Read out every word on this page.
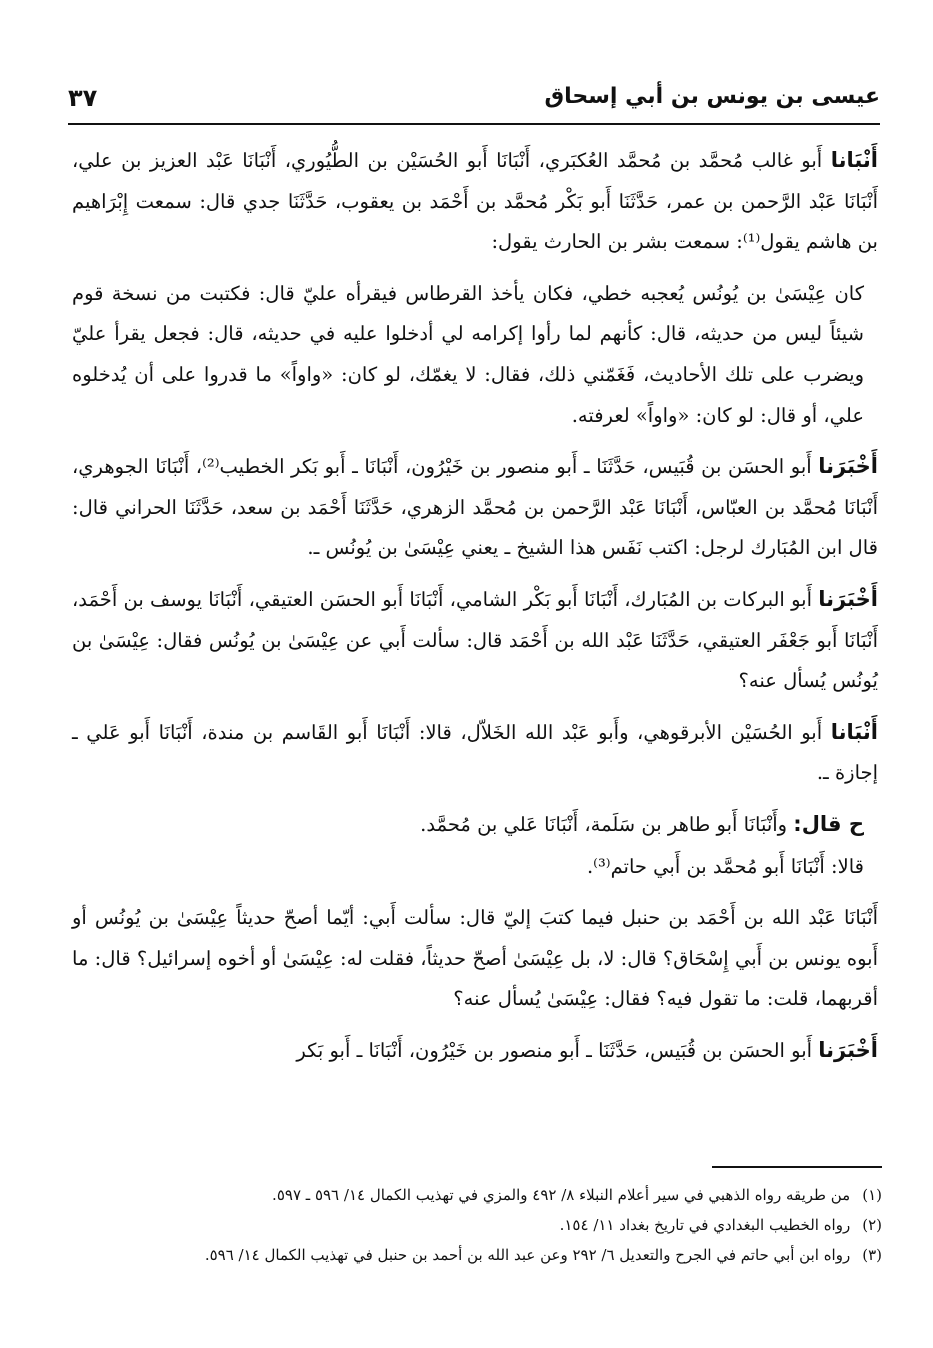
عيسى بن يونس بن أبي إسحاق
٣٧

أَنْبَانا أَبو غالب مُحمَّد بن مُحمَّد العُكبَري، أَنْبَانَا أَبو الحُسَيْن بن الطُّيُوري، أَنْبَانَا عَبْد العزيز بن علي، أَنْبَانَا عَبْد الرَّحمن بن عمر، حَدَّثَنَا أَبو بَكْر مُحمَّد بن أَحْمَد بن يعقوب، حَدَّثَنَا جدي قال: سمعت إِبْرَاهيم بن هاشم يقول⁽¹⁾: سمعت بشر بن الحارث يقول:

كان عِيْسَىٰ بن يُونُس يُعجبه خطي، فكان يأخذ القرطاس فيقرأه عليّ قال: فكتبت من نسخة قوم شيئاً ليس من حديثه، قال: كأنهم لما رأوا إكرامه لي أدخلوا عليه في حديثه، قال: فجعل يقرأ عليّ ويضرب على تلك الأحاديث، فَغَمّني ذلك، فقال: لا يغمّك، لو كان: «واواً» ما قدروا على أن يُدخلوه علي، أو قال: لو كان: «واواً» لعرفته.

أَخْبَرَنا أَبو الحسَن بن قُبَيس، حَدَّثَنَا ـ أَبو منصور بن خَيْرُون، أَنْبَانَا ـ أَبو بَكر الخطيب⁽²⁾، أَنْبَانَا الجوهري، أَنْبَانَا مُحمَّد بن العبّاس، أَنْبَانَا عَبْد الرَّحمن بن مُحمَّد الزهري، حَدَّثَنَا أَحْمَد بن سعد، حَدَّثَنَا الحراني قال: قال ابن المُبَارك لرجل: اكتب نَفَس هذا الشيخ ـ يعني عِيْسَىٰ بن يُونُس ـ.

أَخْبَرَنا أَبو البركات بن المُبَارك، أَنْبَانَا أَبو بَكْر الشامي، أَنْبَانَا أَبو الحسَن العتيقي، أَنْبَانَا يوسف بن أَحْمَد، أَنْبَانَا أَبو جَعْفَر العتيقي، حَدَّثَنَا عَبْد الله بن أَحْمَد قال: سألت أَبي عن عِيْسَىٰ بن يُونُس فقال: عِيْسَىٰ بن يُونُس يُسأل عنه؟

أَنْبَانا أَبو الحُسَيْن الأبرقوهي، وأَبو عَبْد الله الخَلاّل، قالا: أَنْبَانَا أَبو القَاسم بن مندة، أَنْبَانَا أَبو عَلي ـ إجازة ـ.

ح قال: وأَنْبَانَا أَبو طاهر بن سَلَمة، أَنْبَانَا عَلي بن مُحمَّد.

قالا: أَنْبَانَا أَبو مُحمَّد بن أَبي حاتم⁽³⁾.

أَنْبَانَا عَبْد الله بن أَحْمَد بن حنبل فيما كتبَ إليّ قال: سألت أَبي: أيّما أصحّ حديثاً عِيْسَىٰ بن يُونُس أو أَبوه يونس بن أَبي إِسْحَاق؟ قال: لا، بل عِيْسَىٰ أصحّ حديثاً، فقلت له: عِيْسَىٰ أو أخوه إسرائيل؟ قال: ما أقربهما، قلت: ما تقول فيه؟ فقال: عِيْسَىٰ يُسأل عنه؟

أَخْبَرَنا أَبو الحسَن بن قُبَيس، حَدَّثَنَا ـ أَبو منصور بن خَيْرُون، أَنْبَانَا ـ أَبو بَكر

(١)من طريقه رواه الذهبي في سير أعلام النبلاء ٨/ ٤٩٢ والمزي في تهذيب الكمال ١٤/ ٥٩٦ ـ ٥٩٧.
(٢)رواه الخطيب البغدادي في تاريخ بغداد ١١/ ١٥٤.
(٣)رواه ابن أبي حاتم في الجرح والتعديل ٦/ ٢٩٢ وعن عبد الله بن أحمد بن حنبل في تهذيب الكمال ١٤/ ٥٩٦.
